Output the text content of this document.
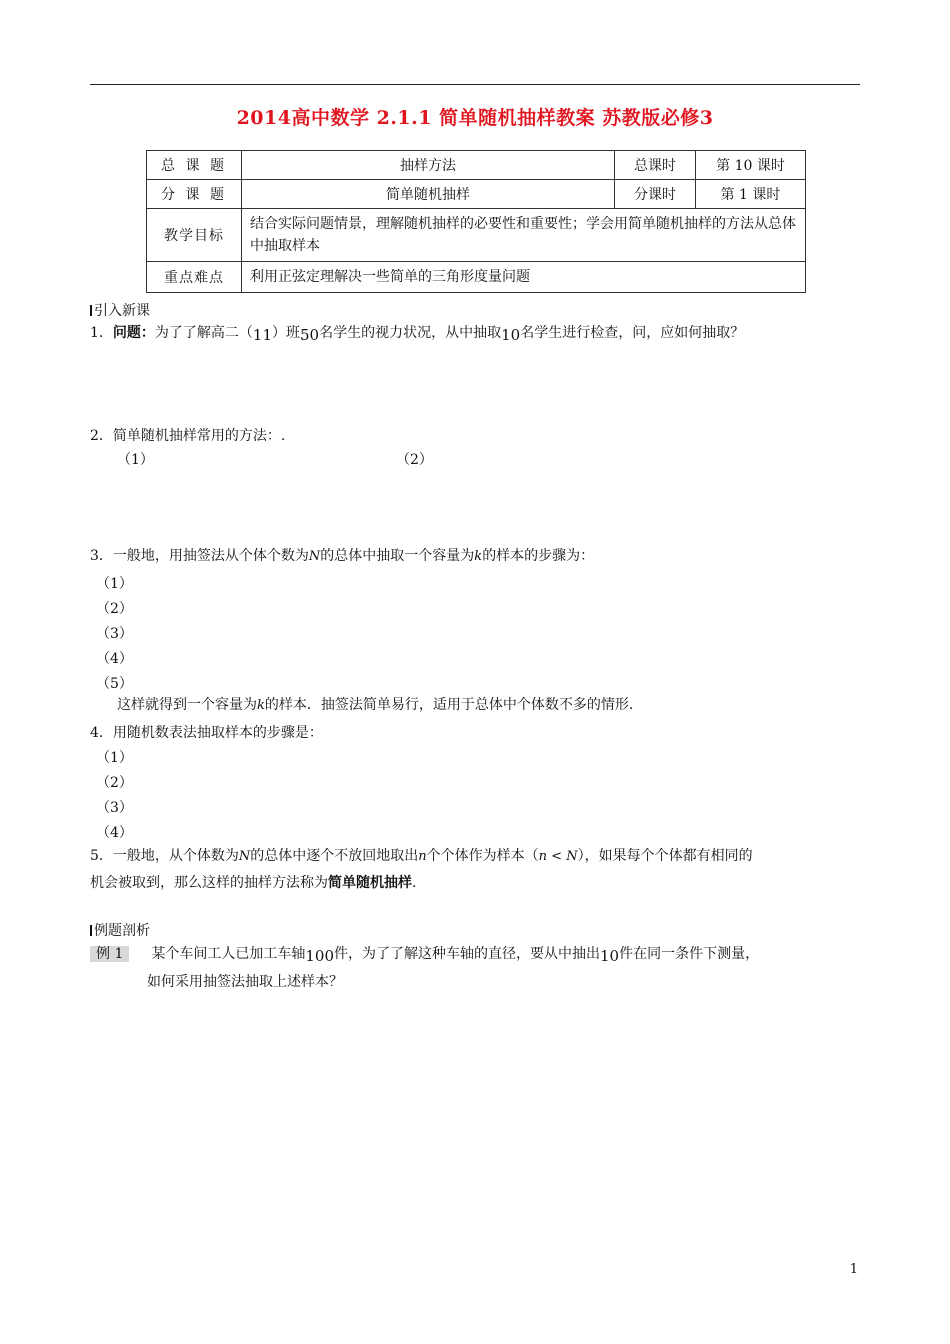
2014高中数学 2.1.1 简单随机抽样教案 苏教版必修3
总 课 题	抽样方法	总课时	第 10 课时
分 课 题	简单随机抽样	分课时	第 1 课时
教学目标	结合实际问题情景，理解随机抽样的必要性和重要性；学会用简单随机抽样的方法从总体中抽取样本		
重点难点	利用正弦定理解决一些简单的三角形度量问题		
引入新课
1．问题：为了了解高二（11）班50名学生的视力状况，从中抽取10名学生进行检查，问，应如何抽取？
2．简单随机抽样常用的方法：.
（1）	（2）
3．一般地，用抽签法从个体个数为N的总体中抽取一个容量为k的样本的步骤为：
（1）
（2）
（3）
（4）
（5）
这样就得到一个容量为k的样本．抽签法简单易行，适用于总体中个体数不多的情形．
4．用随机数表法抽取样本的步骤是：
（1）
（2）
（3）
（4）
5．一般地，从个体数为N的总体中逐个不放回地取出n个个体作为样本（n < N），如果每个个体都有相同的
机会被取到，那么这样的抽样方法称为简单随机抽样．
例题剖析
例 1 某个车间工人已加工车轴100件，为了了解这种车轴的直径，要从中抽出10件在同一条件下测量，
如何采用抽签法抽取上述样本？
1
